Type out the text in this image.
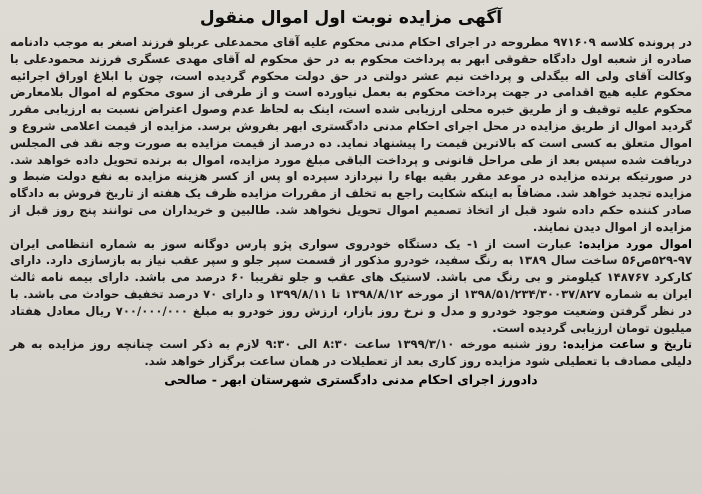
آگهی مزایده نوبت اول اموال منقول

در پرونده کلاسه ۹۷۱۶۰۹ مطروحه در اجرای احکام مدنی محکوم علیه آقای محمدعلی عربلو فرزند اصغر به موجب دادنامه صادره از شعبه اول دادگاه حقوقی ابهر به پرداخت محکوم به در حق محکوم له آقای مهدی عسگری فرزند محمودعلی با وکالت آقای ولی اله بیگدلی و پرداخت نیم عشر دولتی در حق دولت محکوم گردیده است، چون با ابلاغ اوراق اجرائیه محکوم علیه هیچ اقدامی در جهت پرداخت محکوم به بعمل نیاورده است و از طرفی از سوی محکوم له اموال بلامعارض محکوم علیه توقیف و از طریق خبره محلی ارزیابی شده است، اینک به لحاظ عدم وصول اعتراض نسبت به ارزیابی مقرر گردید اموال از طریق مزایده در محل اجرای احکام مدنی دادگستری ابهر بفروش برسد. مزایده از قیمت اعلامی شروع و اموال متعلق به کسی است که بالاترین قیمت را پیشنهاد نماید. ده درصد از قیمت مزایده به صورت وجه نقد فی المجلس دریافت شده سپس بعد از طی مراحل قانونی و پرداخت الباقی مبلغ مورد مزایده، اموال به برنده تحویل داده خواهد شد. در صورتیکه برنده مزایده در موعد مقرر بقیه بهاء را نپردازد سپرده او پس از کسر هزینه مزایده به نفع دولت ضبط و مزایده تجدید خواهد شد. مضافاً به اینکه شکایت راجع به تخلف از مقررات مزایده ظرف یک هفته از تاریخ فروش به دادگاه صادر کننده حکم داده شود قبل از اتخاذ تصمیم اموال تحویل نخواهد شد. طالبین و خریداران می توانند پنج روز قبل از مزایده از اموال دیدن نمایند.

اموال مورد مزایده: عبارت است از ۱- یک دستگاه خودروی سواری پژو پارس دوگانه سوز به شماره انتظامی ایران ۹۷-۵۲۹ص۵۶ ساخت سال ۱۳۸۹ به رنگ سفید، خودرو مذکور از قسمت سپر جلو و سپر عقب نیاز به بازسازی دارد. دارای کارکرد ۱۴۸۷۶۷ کیلومتر و بی رنگ می باشد. لاستیک های عقب و جلو تقریبا ۶۰ درصد می باشد. دارای بیمه نامه ثالث ایران به شماره ۱۳۹۸/۵۱/۲۳۴/۳۰۰۳۷/۸۲۷ از مورخه ۱۳۹۸/۸/۱۲ تا ۱۳۹۹/۸/۱۱ و دارای ۷۰ درصد تخفیف حوادث می باشد. با در نظر گرفتن وضعیت موجود خودرو و مدل و نرخ روز بازار، ارزش روز خودرو به مبلغ ۷۰۰/۰۰۰/۰۰۰ ریال معادل هفتاد میلیون تومان ارزیابی گردیده است.

تاریخ و ساعت مزایده: روز شنبه مورخه ۱۳۹۹/۳/۱۰ ساعت ۸:۳۰ الی ۹:۳۰ لازم به ذکر است چنانچه روز مزایده به هر دلیلی مصادف با تعطیلی شود مزایده روز کاری بعد از تعطیلات در همان ساعت برگزار خواهد شد.

دادورز اجرای احکام مدنی دادگستری شهرستان ابهر - صالحی
